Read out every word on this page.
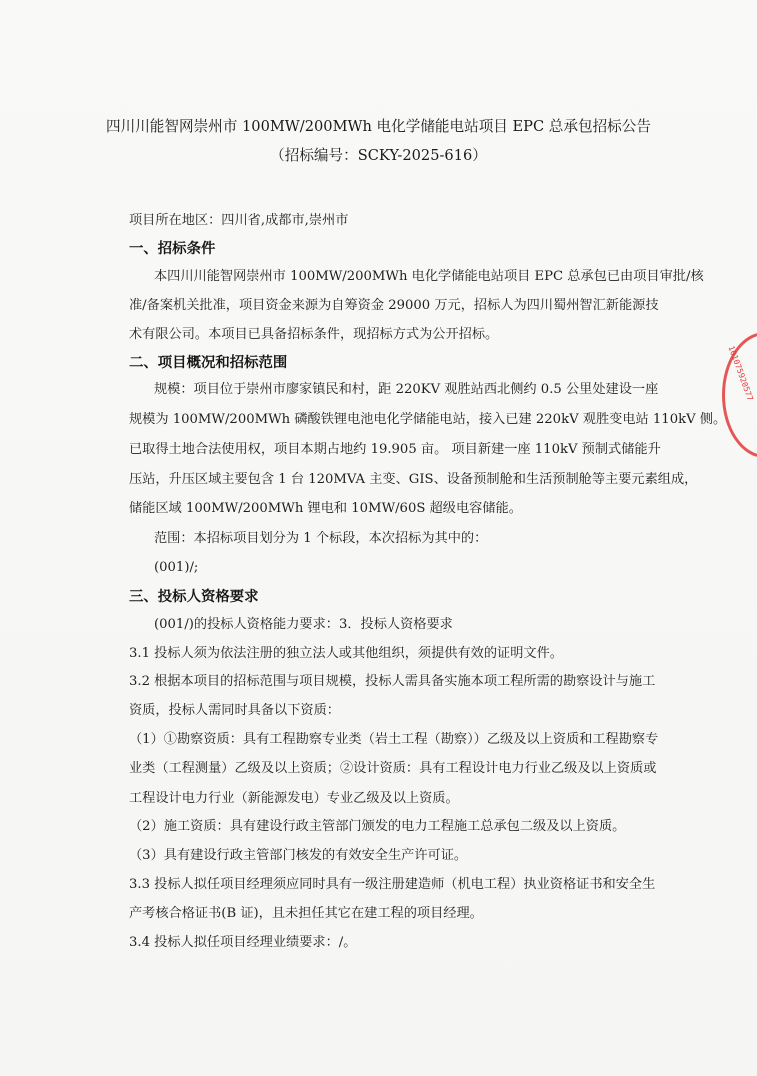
四川川能智网崇州市 100MW/200MWh 电化学储能电站项目 EPC 总承包招标公告
（招标编号：SCKY-2025-616）
项目所在地区：四川省,成都市,崇州市
一、招标条件
本四川川能智网崇州市 100MW/200MWh 电化学储能电站项目 EPC 总承包已由项目审批/核
准/备案机关批准，项目资金来源为自筹资金 29000 万元，招标人为四川蜀州智汇新能源技
术有限公司。本项目已具备招标条件，现招标方式为公开招标。
二、项目概况和招标范围
规模：项目位于崇州市廖家镇民和村，距 220KV 观胜站西北侧约 0.5 公里处建设一座
规模为 100MW/200MWh 磷酸铁锂电池电化学储能电站，接入已建 220kV 观胜变电站 110kV 侧。
已取得土地合法使用权，项目本期占地约 19.905 亩。 项目新建一座 110kV 预制式储能升
压站，升压区域主要包含 1 台 120MVA 主变、GIS、设备预制舱和生活预制舱等主要元素组成，
储能区域 100MW/200MWh 锂电和 10MW/60S 超级电容储能。
范围：本招标项目划分为 1 个标段，本次招标为其中的：
(001)/;
三、投标人资格要求
(001/)的投标人资格能力要求：3．投标人资格要求
3.1 投标人须为依法注册的独立法人或其他组织，须提供有效的证明文件。
3.2 根据本项目的招标范围与项目规模，投标人需具备实施本项工程所需的勘察设计与施工
资质，投标人需同时具备以下资质：
（1）①勘察资质：具有工程勘察专业类（岩土工程（勘察））乙级及以上资质和工程勘察专
业类（工程测量）乙级及以上资质；②设计资质：具有工程设计电力行业乙级及以上资质或
工程设计电力行业（新能源发电）专业乙级及以上资质。
（2）施工资质：具有建设行政主管部门颁发的电力工程施工总承包二级及以上资质。
（3）具有建设行政主管部门核发的有效安全生产许可证。
3.3 投标人拟任项目经理须应同时具有一级注册建造师（机电工程）执业资格证书和安全生
产考核合格证书(B 证)，且未担任其它在建工程的项目经理。
3.4 投标人拟任项目经理业绩要求：/。
101075920577
